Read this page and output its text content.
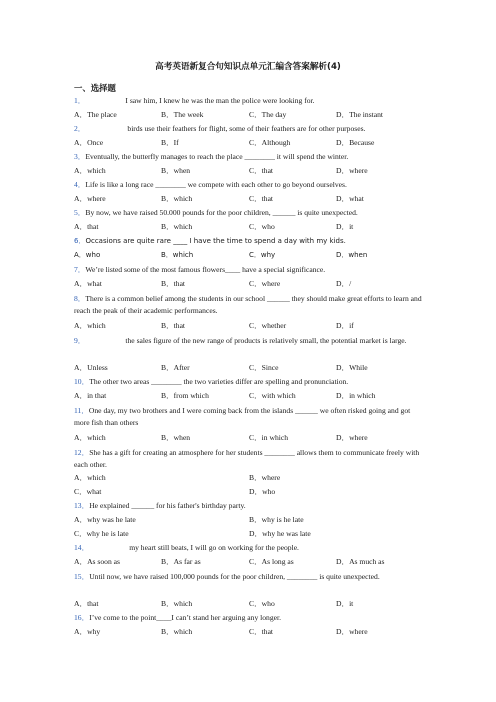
高考英语新复合句知识点单元汇编含答案解析(4)
一、选择题
1．	I saw him, I knew he was the man the police were looking for.
A．The place	B．The week	C．The day	D．The instant
2．	birds use their feathers for flight, some of their feathers are for other purposes.
A．Once	B．If	C．Although	D．Because
3．Eventually, the butterfly manages to reach the place ________ it will spend the winter.
A．which	B．when	C．that	D．where
4．Life is like a long race ________ we compete with each other to go beyond ourselves.
A．where	B．which	C．that	D．what
5．By now, we have raised 50.000 pounds for the poor children, ______ is quite unexpected.
A．that	B．which	C．who	D．it
6．Occasions are quite rare ____ I have the time to spend a day with my kids.
A．who	B．which	C．why	D．when
7．We’re listed some of the most famous flowers____ have a special significance.
A．what	B．that	C．where	D．/
8．There is a common belief among the students in our school ______ they should make great efforts to learn and reach the peak of their academic performances.
A．which	B．that	C．whether	D．if
9．	the sales figure of the new range of products is relatively small, the potential market is large.
A．Unless	B．After	C．Since	D．While
10．The other two areas ________ the two varieties differ are spelling and pronunciation.
A．in that	B．from which	C．with which	D．in which
11．One day, my two brothers and I were coming back from the islands ______ we often risked going and got more fish than others
A．which	B．when	C．in which	D．where
12．She has a gift for creating an atmosphere for her students ________ allows them to communicate freely with each other.
A．which	B．where
C．what	D．who
13．He explained ______ for his father's birthday party.
A．why was he late	B．why is he late
C．why he is late	D．why he was late
14．	my heart still beats, I will go on working for the people.
A．As soon as	B．As far as	C．As long as	D．As much as
15．Until now, we have raised 100,000 pounds for the poor children, ________ is quite unexpected.
A．that	B．which	C．who	D．it
16．I’ve come to the point____I can’t stand her arguing any longer.
A．why	B．which	C．that	D．where
